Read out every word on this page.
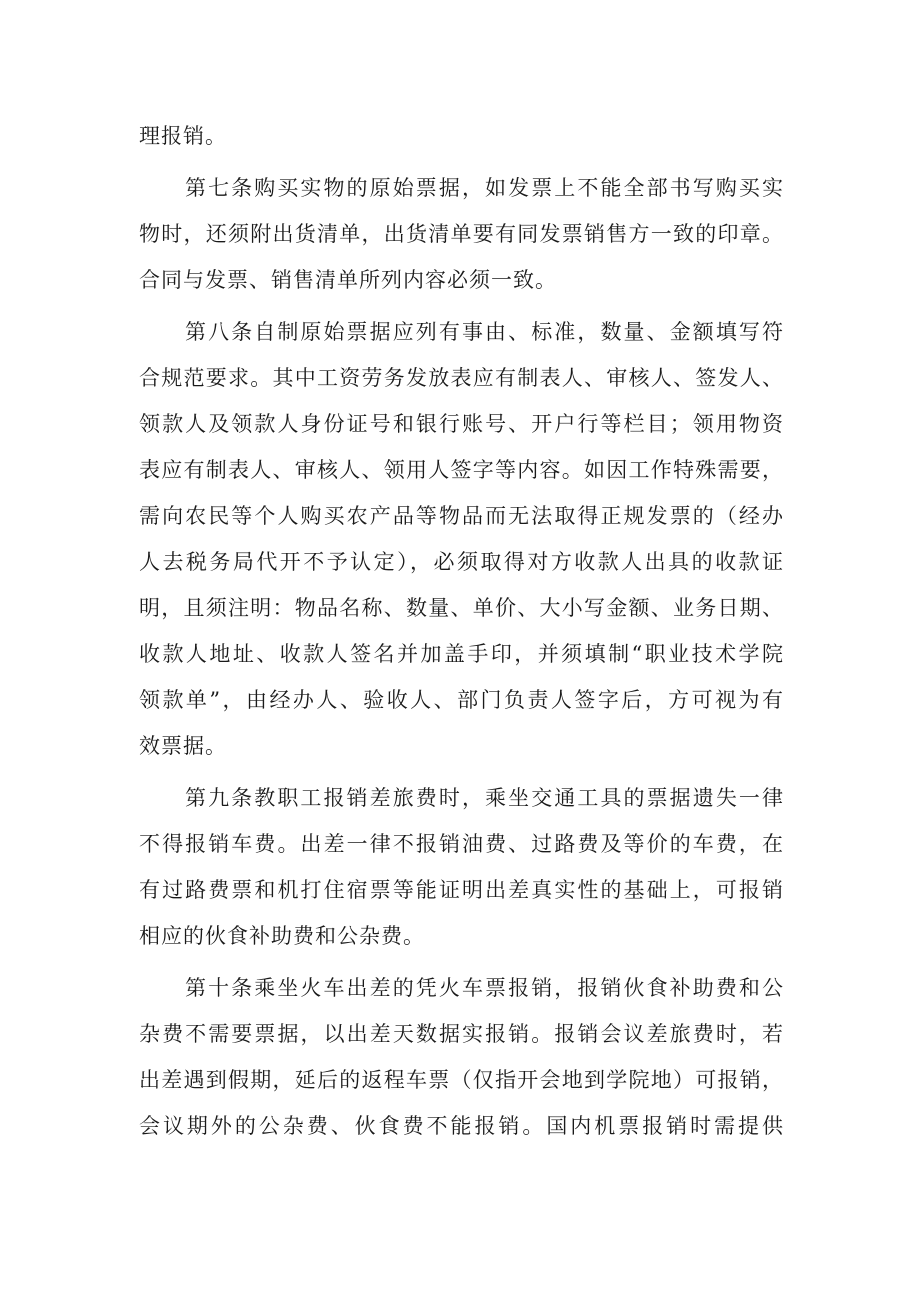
理报销。
第七条购买实物的原始票据，如发票上不能全部书写购买实
物时，还须附出货清单，出货清单要有同发票销售方一致的印章。
合同与发票、销售清单所列内容必须一致。
第八条自制原始票据应列有事由、标准，数量、金额填写符
合规范要求。其中工资劳务发放表应有制表人、审核人、签发人、
领款人及领款人身份证号和银行账号、开户行等栏目；领用物资
表应有制表人、审核人、领用人签字等内容。如因工作特殊需要，
需向农民等个人购买农产品等物品而无法取得正规发票的（经办
人去税务局代开不予认定），必须取得对方收款人出具的收款证
明，且须注明：物品名称、数量、单价、大小写金额、业务日期、
收款人地址、收款人签名并加盖手印，并须填制“职业技术学院
领款单”，由经办人、验收人、部门负责人签字后，方可视为有
效票据。
第九条教职工报销差旅费时，乘坐交通工具的票据遗失一律
不得报销车费。出差一律不报销油费、过路费及等价的车费，在
有过路费票和机打住宿票等能证明出差真实性的基础上，可报销
相应的伙食补助费和公杂费。
第十条乘坐火车出差的凭火车票报销，报销伙食补助费和公
杂费不需要票据，以出差天数据实报销。报销会议差旅费时，若
出差遇到假期，延后的返程车票（仅指开会地到学院地）可报销，
会议期外的公杂费、伙食费不能报销。国内机票报销时需提供
